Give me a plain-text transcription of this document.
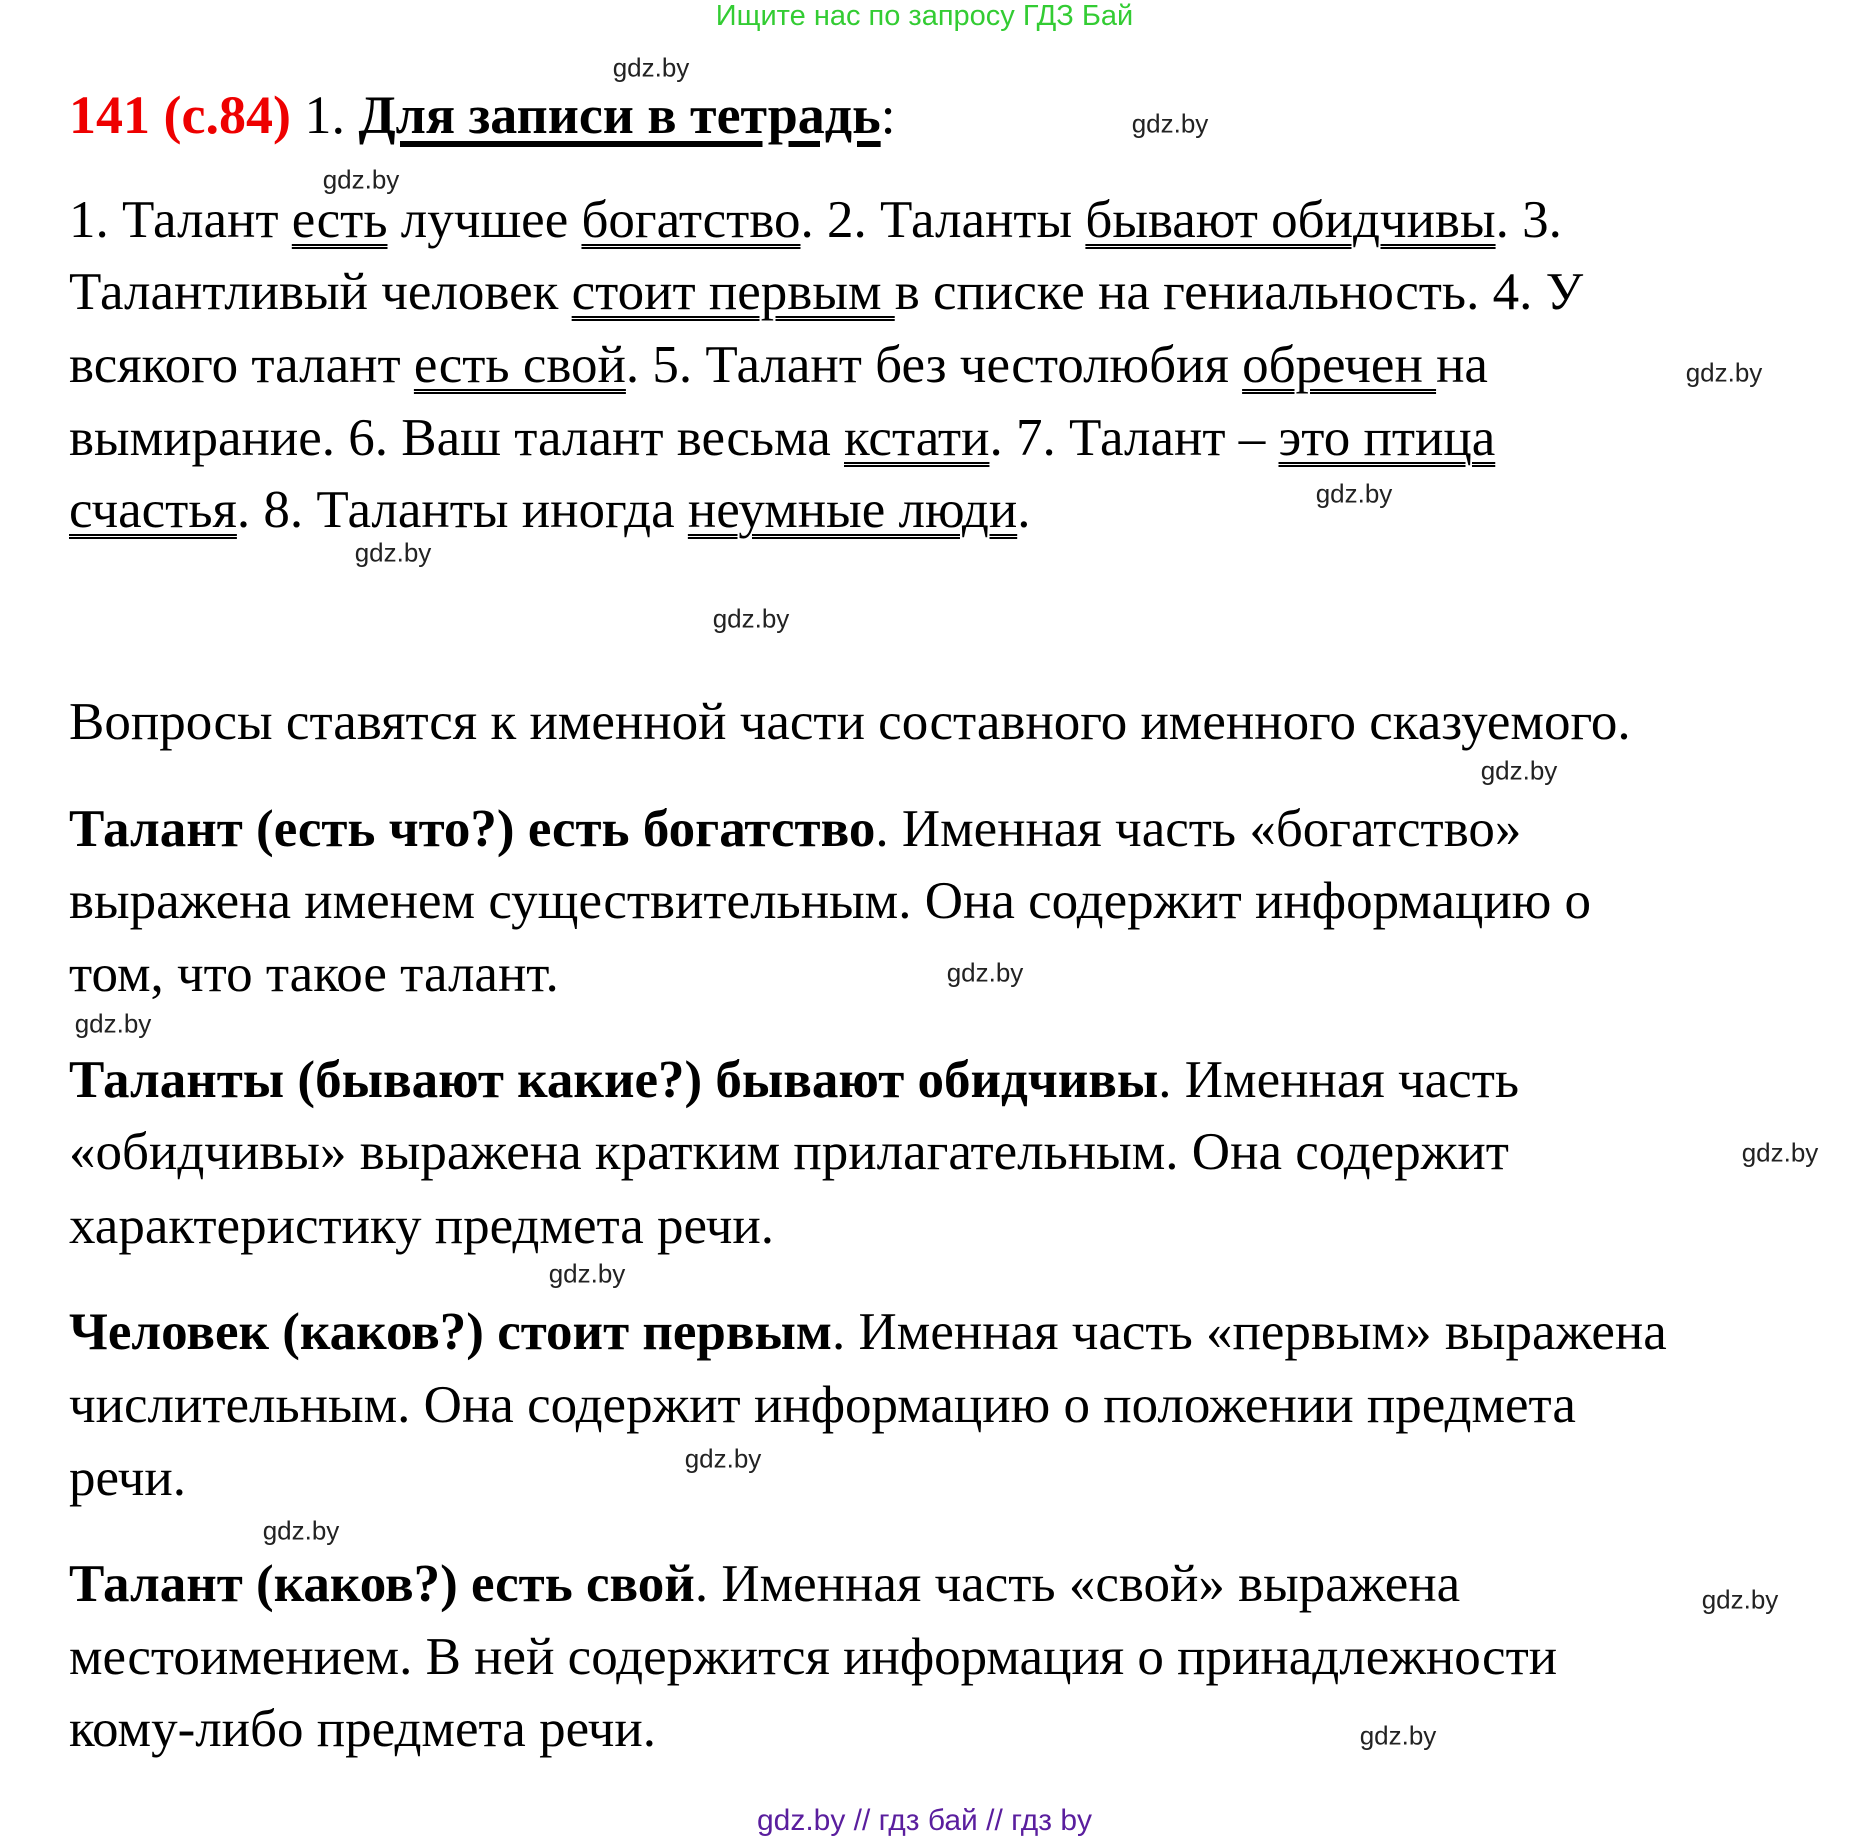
Ищите нас по запросу ГДЗ Бай
141 (с.84) 1. Для записи в тетрадь:
1. Талант есть лучшее богатство. 2. Таланты бывают обидчивы. 3.
Талантливый человек стоит первым в списке на гениальность. 4. У
всякого талант есть свой. 5. Талант без честолюбия обречен на
вымирание. 6. Ваш талант весьма кстати. 7. Талант – это птица
счастья. 8. Таланты иногда неумные люди.
Вопросы ставятся к именной части составного именного сказуемого.
Талант (есть что?) есть богатство. Именная часть «богатство»
выражена именем существительным. Она содержит информацию о
том, что такое талант.
Таланты (бывают какие?) бывают обидчивы. Именная часть
«обидчивы» выражена кратким прилагательным. Она содержит
характеристику предмета речи.
Человек (каков?) стоит первым. Именная часть «первым» выражена
числительным. Она содержит информацию о положении предмета
речи.
Талант (каков?) есть свой. Именная часть «свой» выражена
местоимением. В ней содержится информация о принадлежности
кому-либо предмета речи.
gdz.by
gdz.by
gdz.by
gdz.by
gdz.by
gdz.by
gdz.by
gdz.by
gdz.by
gdz.by
gdz.by
gdz.by
gdz.by
gdz.by
gdz.by
gdz.by
gdz.by // гдз бай // гдз by
